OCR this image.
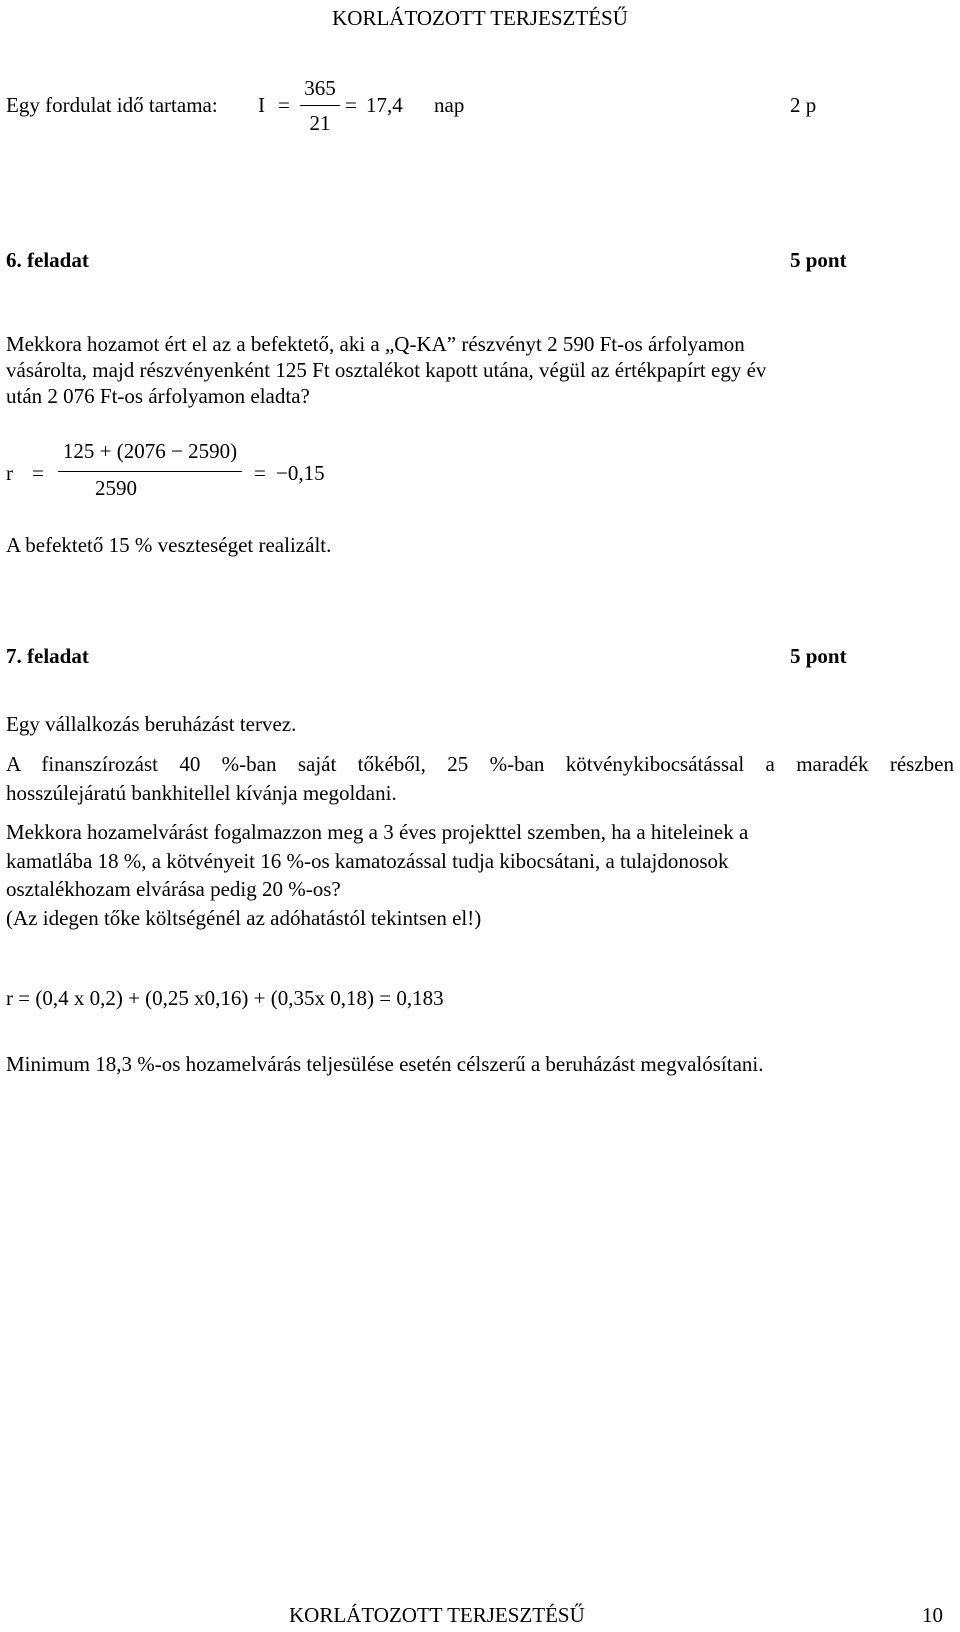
KORLÁTOZOTT TERJESZTÉSŰ
Egy fordulat idő tartama: I =
365
21
= 17,4 nap	2 p
6. feladat	5 pont
Mekkora hozamot ért el az a befektető, aki a „Q-KA” részvényt 2 590 Ft-os árfolyamon
vásárolta, majd részvényenként 125 Ft osztalékot kapott utána, végül az értékpapírt egy év
után 2 076 Ft-os árfolyamon eladta?
r =
125 + (2076 − 2590)
2590
= −0,15
A befektető 15 % veszteséget realizált.
7. feladat	5 pont
Egy vállalkozás beruházást tervez.
A finanszírozást 40 %-ban saját tőkéből, 25 %-ban kötvénykibocsátással a maradék részben
hosszúlejáratú bankhitellel kívánja megoldani.
Mekkora hozamelvárást fogalmazzon meg a 3 éves projekttel szemben, ha a hiteleinek a
kamatlába 18 %, a kötvényeit 16 %-os kamatozással tudja kibocsátani, a tulajdonosok
osztalékhozam elvárása pedig 20 %-os?
(Az idegen tőke költségénél az adóhatástól tekintsen el!)
r = (0,4 x 0,2) + (0,25 x0,16) + (0,35x 0,18) = 0,183
Minimum 18,3 %-os hozamelvárás teljesülése esetén célszerű a beruházást megvalósítani.
KORLÁTOZOTT TERJESZTÉSŰ	10
